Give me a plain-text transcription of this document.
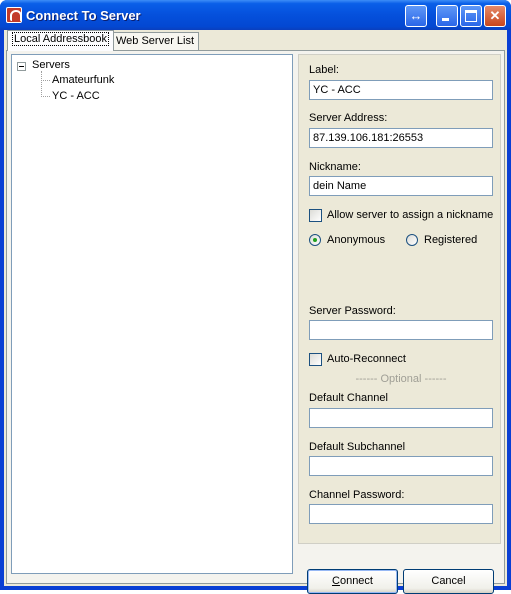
Connect To Server	↔	✕
Local Addressbook Web Server List
Servers
Amateurfunk
YC - ACC
Label:
YC - ACC
Server Address:
87.139.106.181:26553
Nickname:
dein Name
Allow server to assign a nickname
Anonymous	Registered
Server Password:
Auto-Reconnect
------ Optional ------
Default Channel
Default Subchannel
Channel Password:
Connect	Cancel
